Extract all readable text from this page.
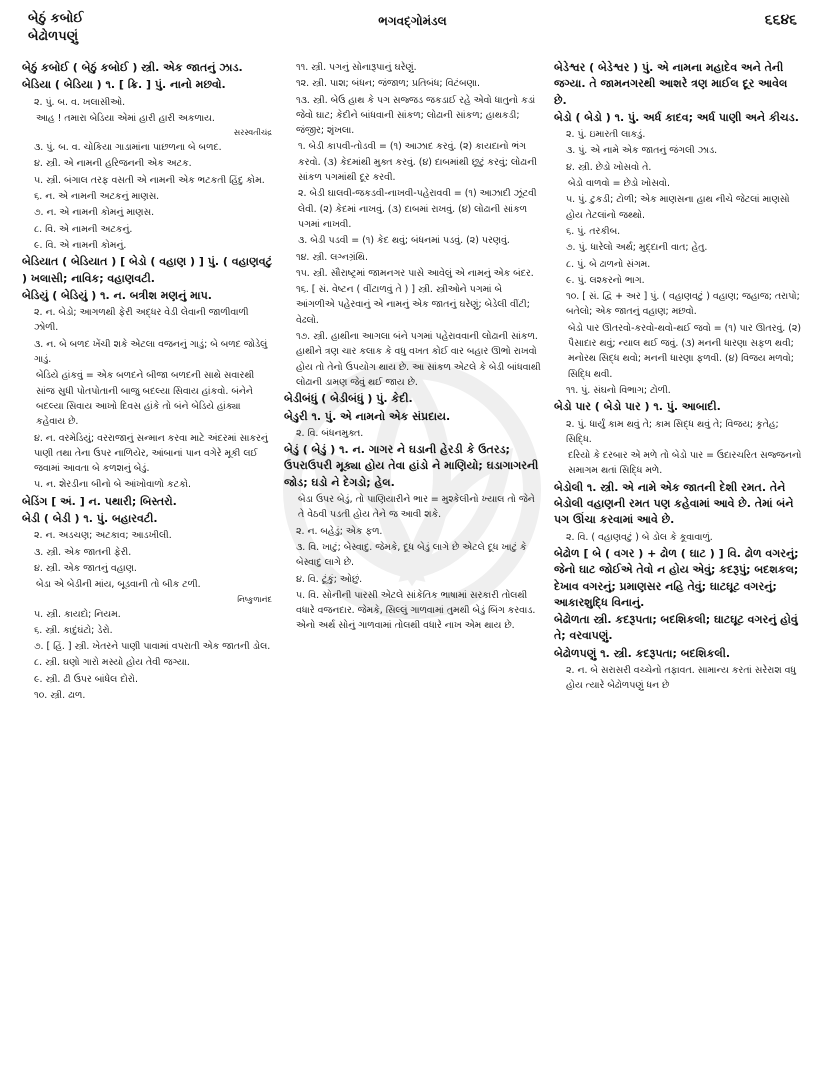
બેઠું કબોઈ
બેઢોળપણું
ભગવદ્ગોમંડલ	૬૬૪૬

બેઠું કબોઈ ( બેઠું કબોઈ ) સ્ત્રી. એક જાતનું ઝાડ.

બેડિયા ( બેડિયા ) ૧. [ ક્રિ. ] પું. નાનો મછવો.

૨. પું. બ. વ. ખલાસીઓ.

આહ ! તમારા બેડિયા એમાં હારી હારી અકળાય.

સરસ્વતીચંદ્ર

૩. પું. બ. વ. ચોકિયા ગાડામાંના પાછળના બે બળદ.

૪. સ્ત્રી. એ નામની હરિજનની એક અટક.

૫. સ્ત્રી. બંગાલ તરફ વસતી એ નામની એક ભટકતી હિંદુ કોમ.

૬. ન. એ નામની અટકનું માણસ.

૭. ન. એ નામની કોમનું માણસ.

૮. વિ. એ નામની અટકનું.

૯. વિ. એ નામની કોમનું.

બેડિયાત ( બેડિયાત ) [ બેડો ( વહાણ ) ] પું. ( વહાણવટું ) ખલાસી; નાવિક; વહાણવટી.

બેડિયું ( બેડિયું ) ૧. ન. બત્રીશ મણનું માપ.

૨. ન. બેડો; આગળથી ફેરી અદ્ધર વેડી લેવાની જાળીવાળી ઝોળી.

૩. ન. બે બળદ ખેંચી શકે એટલા વજનનું ગાડું; બે બળદ જોડેલું ગાડું.

બેડિયે હાંકવું = એક બળદને બીજા બળદની સાથે સવારથી સાંજ સુધી પોતપોતાની બાજુ બદલ્યા સિવાય હાંકવો. બંનેને બદલ્યા સિવાય આખો દિવસ હાંકે તો બંને બેડિયે હાંક્યા કહેવાય છે.

૪. ન. વરમેડિયું; વરરાજાનું સન્માન કરવા માટે અંદરમાં સાકરનું પાણી તથા તેના ઉપર નાળિયેર, આંબાનાં પાન વગેરે મૂકી લઈ જવામાં આવતા બે કળશનું બેડું.

૫. ન. શેરડીના બીનો બે આંખોવાળો કટકો.

બેડિંગ [ અં. ] ન. પથારી; બિસ્તરો.

બેડી ( બેડી ) ૧. પું. બહારવટી.

૨. ન. અડચણ; અટકાવ; આડખીલી.

૩. સ્ત્રી. એક જાતની ફેરી.

૪. સ્ત્રી. એક જાતનું વહાણ.

બેડા એ બેડીની માંય, બૂડવાની તો બીક ટળી.

નિષ્કુળાનંદ

૫. સ્ત્રી. કાયદો; નિયમ.

૬. સ્ત્રી. કાદુંઘંટો; ડેરો.

૭. [ હિં. ] સ્ત્રી. ખેતરને પાણી પાવામાં વપરાતી એક જાતની ડોલ.

૮. સ્ત્રી. ઘણો ગારો મસ્યો હોય તેવી જગ્યા.

૯. સ્ત્રી. ઢી ઉપર બાંધેલ દોરો.

૧૦. સ્ત્રી. ઢાળ.

૧૧. સ્ત્રી. પગનું સોનારૂપાનું ઘરેણું.

૧૨. સ્ત્રી. પાશ; બંધન; જંજાળ; પ્રતિબંધ; વિટંબણા.

૧૩. સ્ત્રી. બેઉ હાથ કે પગ સજ્જડ જકડાઈ રહે એવો ધાતુનો કડાં જેવો ઘાટ; કેદીને બાંધવાની સાંકળ; લોઢાની સાંકળ; હાથકડી; જંજીર; શૃંખલા.

૧. બેડી કાપવી-તોડવી = (૧) આઝાદ કરવું. (૨) કાયદાનો ભંગ કરવો. (૩) કેદમાંથી મુક્ત કરવું. (૪) દાબમાંથી છૂટું કરવું; લોઢાની સાંકળ પગમાંથી દૂર કરવી.

૨. બેડી ઘાલવી-જકડવી-નાખવી-પહેરાવવી = (૧) આઝાદી ઝૂંટવી લેવી. (૨) કેદમાં નાખવું. (૩) દાબમાં રાખવું. (૪) લોઢાની સાંકળ પગમાં નાખવી.

૩. બેડી પડવી = (૧) કેદ થવું; બંધનમાં પડવું. (૨) પરણવું.

૧૪. સ્ત્રી. લગ્નગ્રંથિ.

૧૫. સ્ત્રી. સૌરાષ્ટ્રમાં જામનગર પાસે આવેલું એ નામનું એક બંદર.

૧૬. [ સં. વેષ્ટન ( વીંટાળવું તે ) ] સ્ત્રી. સ્ત્રીઓને પગમાં બે આંગળીએ પહેરવાનું એ નામનું એક જાતનું ઘરેણું; બેડેલી વીંટી; વેઢલો.

૧૭. સ્ત્રી. હાથીના આગલા બંને પગમાં પહેરાવવાની લોઢાની સાંકળ. હાથીને ત્રણ ચાર કલાક કે વધુ વખત કોઈ વાર બહાર ઊભો રાખવો હોય તો તેનો ઉપયોગ થાય છે. આ સાંકળ એટલે કે બેડી બાંધવાથી લોઢાની ડામણ જેવું થઈ જાય છે.

બેડીબંધું ( બેડીબંધું ) પું. કેદી.

બેડુરી ૧. પું. એ નામનો એક સંપ્રદાય.

૨. વિ. બંધનમુક્ત.

બેડું ( બેડું ) ૧. ન. ગાગર ને ઘડાની હેરડી કે ઉતરડ; ઉપરાઉપરી મૂક્યા હોય તેવા હાંડો ને માણિયો; ઘડાગાગરની જોડ; ઘડો ને દેગડો; હેલ.

બેડા ઉપર બેડું, તો પાણિયારીને ભાર = મુશ્કેલીનો ખ્યાલ તો જેને તે વેઠવી પડતી હોય તેને જ આવી શકે.

૨. ન. બહેડું; એક ફળ.

૩. વિ. ખાટું; બેસ્વાદુ. જેમકે, દૂધ બેડું લાગે છે એટલે દૂધ ખાટું કે બેસ્વાદુ લાગે છે.

૪. વિ. ટૂંકું; ઓછું.

૫. વિ. સોનીની પારસી એટલે સાંકેતિક ભાષામાં સરકારી તોલથી વધારે વજનદાર. જેમકે, સિલ્લું ગાળવામાં તુમથી બેડું બિંગ કરવાડ. એનો અર્થ સોનું ગાળવામાં તોલથી વધારે નાખ એમ થાય છે.

બેડેશ્વર ( બેડેશ્વર ) પું. એ નામના મહાદેવ અને તેની જગ્યા. તે જામનગરથી આશરે ત્રણ માઈલ દૂર આવેલ છે.

બેડો ( બેડો ) ૧. પું. અર્ધ કાદવ; અર્ધ પાણી અને કીચડ.

૨. પું. ઇમારતી લાકડું.

૩. પું. એ નામે એક જાતનું જંગલી ઝાડ.

૪. સ્ત્રી. છેડો ખોસવો તે.

બેડો વાળવો = છેડો ખોસવો.

૫. પું. ટુકડી; ટોળી; એક માણસના હાથ નીચે જેટલાં માણસો હોય તેટલાંનો જથ્થો.

૬. પું. તરકીબ.

૭. પું. ધારેલો અર્થ; મુદ્દાની વાત; હેતુ.

૮. પું. બે ઢાળનો સંગમ.

૯. પું. લશ્કરનો ભાગ.

૧૦. [ સં. દ્વિ + અર ] પું. ( વહાણવટું ) વહાણ; જહાજ; તરાપો; બતેલો; એક જાતનું વહાણ; મછવો.

બેડો પાર ઊતરવો-કરવો-થવો-થઈ જવો = (૧) પાર ઊતરવું. (૨) પૈસાદાર થવું; ન્યાલ થઈ જવું. (૩) મનની ધારણા સફળ થવી; મનોરથ સિદ્ધ થવો; મનની ધારણા ફળવી. (૪) વિજય મળવો; સિદ્ધિ થવી.

૧૧. પું. સંઘનો વિભાગ; ટોળી.

બેડો પાર ( બેડો પાર ) ૧. પું. આબાદી.

૨. પું. ધાર્યું કામ થવું તે; કામ સિદ્ધ થવું તે; વિજય; કૃતેહ; સિદ્ધિ.

દરિયો કે દરબાર એ મળે તો બેડો પાર = ઉદારચરિત સજ્જનનો સમાગમ થતાં સિદ્ધિ મળે.

બેડોલી ૧. સ્ત્રી. એ નામે એક જાતની દેશી રમત. તેને બેડોલી વહાણની રમત પણ કહેવામાં આવે છે. તેમાં બંને પગ ઊંચા કરવામાં આવે છે.

૨. વિ. ( વહાણવટું ) બે ડોલ કે કૂવાવાળું.

બેઢોળ [ બે ( વગર ) + ઢોળ ( ઘાટ ) ] વિ. ઢોળ વગરનું; જેનો ઘાટ જોઈએ તેવો ન હોય એવું; કદરૂપું; બદશકલ; દેખાવ વગરનું; પ્રમાણસર નહિ તેવું; ઘાટઘૂટ વગરનું; આકારશુદ્ધિ વિનાનું.

બેઢોળતા સ્ત્રી. કદરૂપતા; બદશિકલી; ઘાટઘૂટ વગરનું હોવું તે; વરવાપણું.

બેઢોળપણું ૧. સ્ત્રી. કદરૂપતા; બદશિકલી.

૨. ન. બે સરાસરી વચ્ચેનો તફાવત. સામાન્ય કરતાં સરેરાશ વધુ હોય ત્યારે બેઢોળપણું ધન છે
